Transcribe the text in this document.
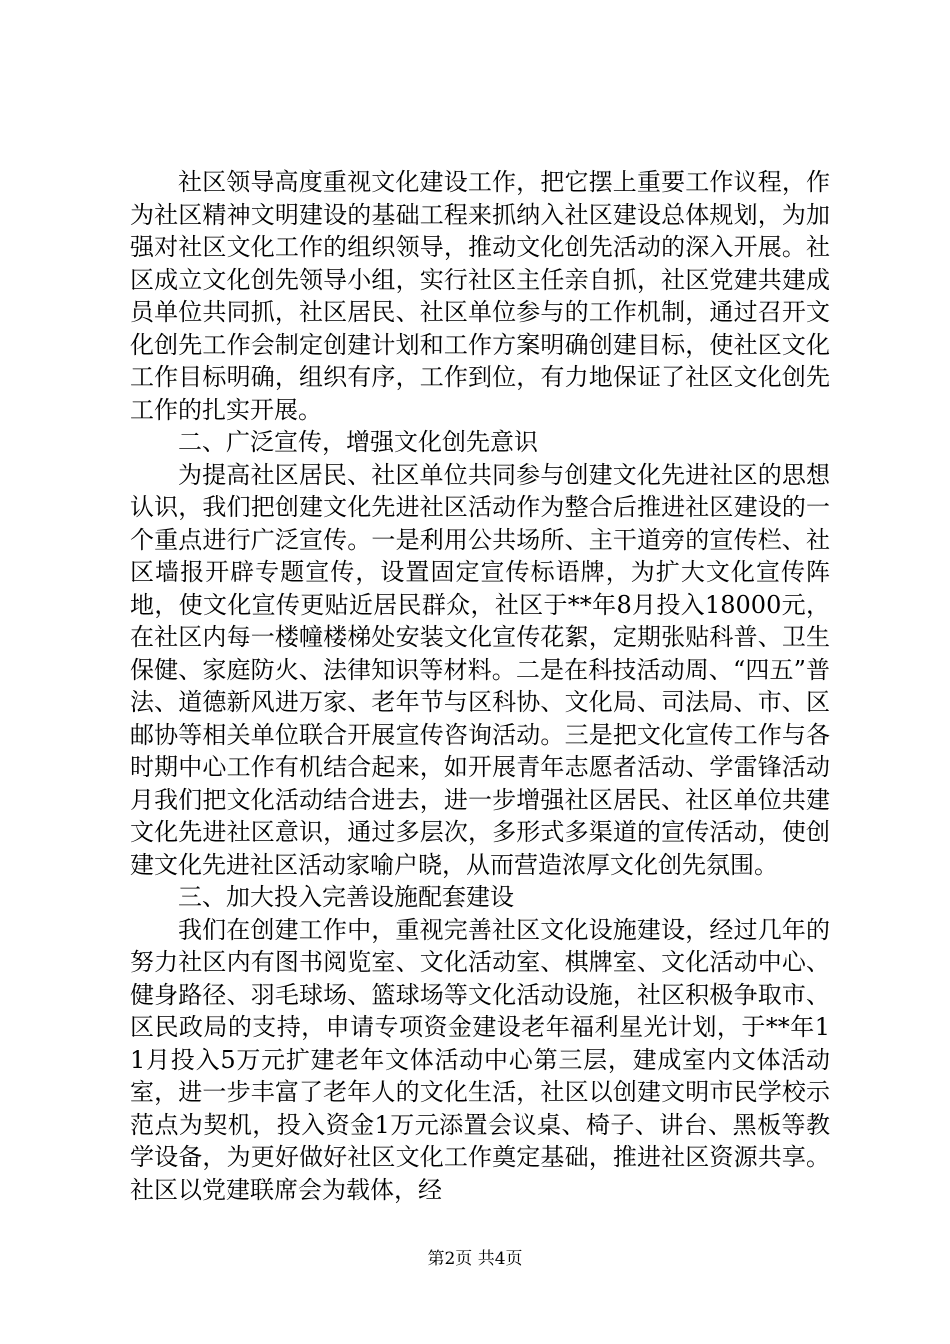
社区领导高度重视文化建设工作，把它摆上重要工作议程，作为社区精神文明建设的基础工程来抓纳入社区建设总体规划，为加强对社区文化工作的组织领导，推动文化创先活动的深入开展。社区成立文化创先领导小组，实行社区主任亲自抓，社区党建共建成员单位共同抓，社区居民、社区单位参与的工作机制，通过召开文化创先工作会制定创建计划和工作方案明确创建目标，使社区文化工作目标明确，组织有序，工作到位，有力地保证了社区文化创先工作的扎实开展。

二、广泛宣传，增强文化创先意识

为提高社区居民、社区单位共同参与创建文化先进社区的思想认识，我们把创建文化先进社区活动作为整合后推进社区建设的一个重点进行广泛宣传。一是利用公共场所、主干道旁的宣传栏、社区墙报开辟专题宣传，设置固定宣传标语牌，为扩大文化宣传阵地，使文化宣传更贴近居民群众，社区于**年8月投入18000元，在社区内每一楼幢楼梯处安装文化宣传花絮，定期张贴科普、卫生保健、家庭防火、法律知识等材料。二是在科技活动周、“四五”普法、道德新风进万家、老年节与区科协、文化局、司法局、市、区邮协等相关单位联合开展宣传咨询活动。三是把文化宣传工作与各时期中心工作有机结合起来，如开展青年志愿者活动、学雷锋活动月我们把文化活动结合进去，进一步增强社区居民、社区单位共建文化先进社区意识，通过多层次，多形式多渠道的宣传活动，使创建文化先进社区活动家喻户晓，从而营造浓厚文化创先氛围。

三、加大投入完善设施配套建设

我们在创建工作中，重视完善社区文化设施建设，经过几年的努力社区内有图书阅览室、文化活动室、棋牌室、文化活动中心、健身路径、羽毛球场、篮球场等文化活动设施，社区积极争取市、区民政局的支持，申请专项资金建设老年福利星光计划，于**年11月投入5万元扩建老年文体活动中心第三层，建成室内文体活动室，进一步丰富了老年人的文化生活，社区以创建文明市民学校示范点为契机，投入资金1万元添置会议桌、椅子、讲台、黑板等教学设备，为更好做好社区文化工作奠定基础，推进社区资源共享。社区以党建联席会为载体，经

第2页 共4页
